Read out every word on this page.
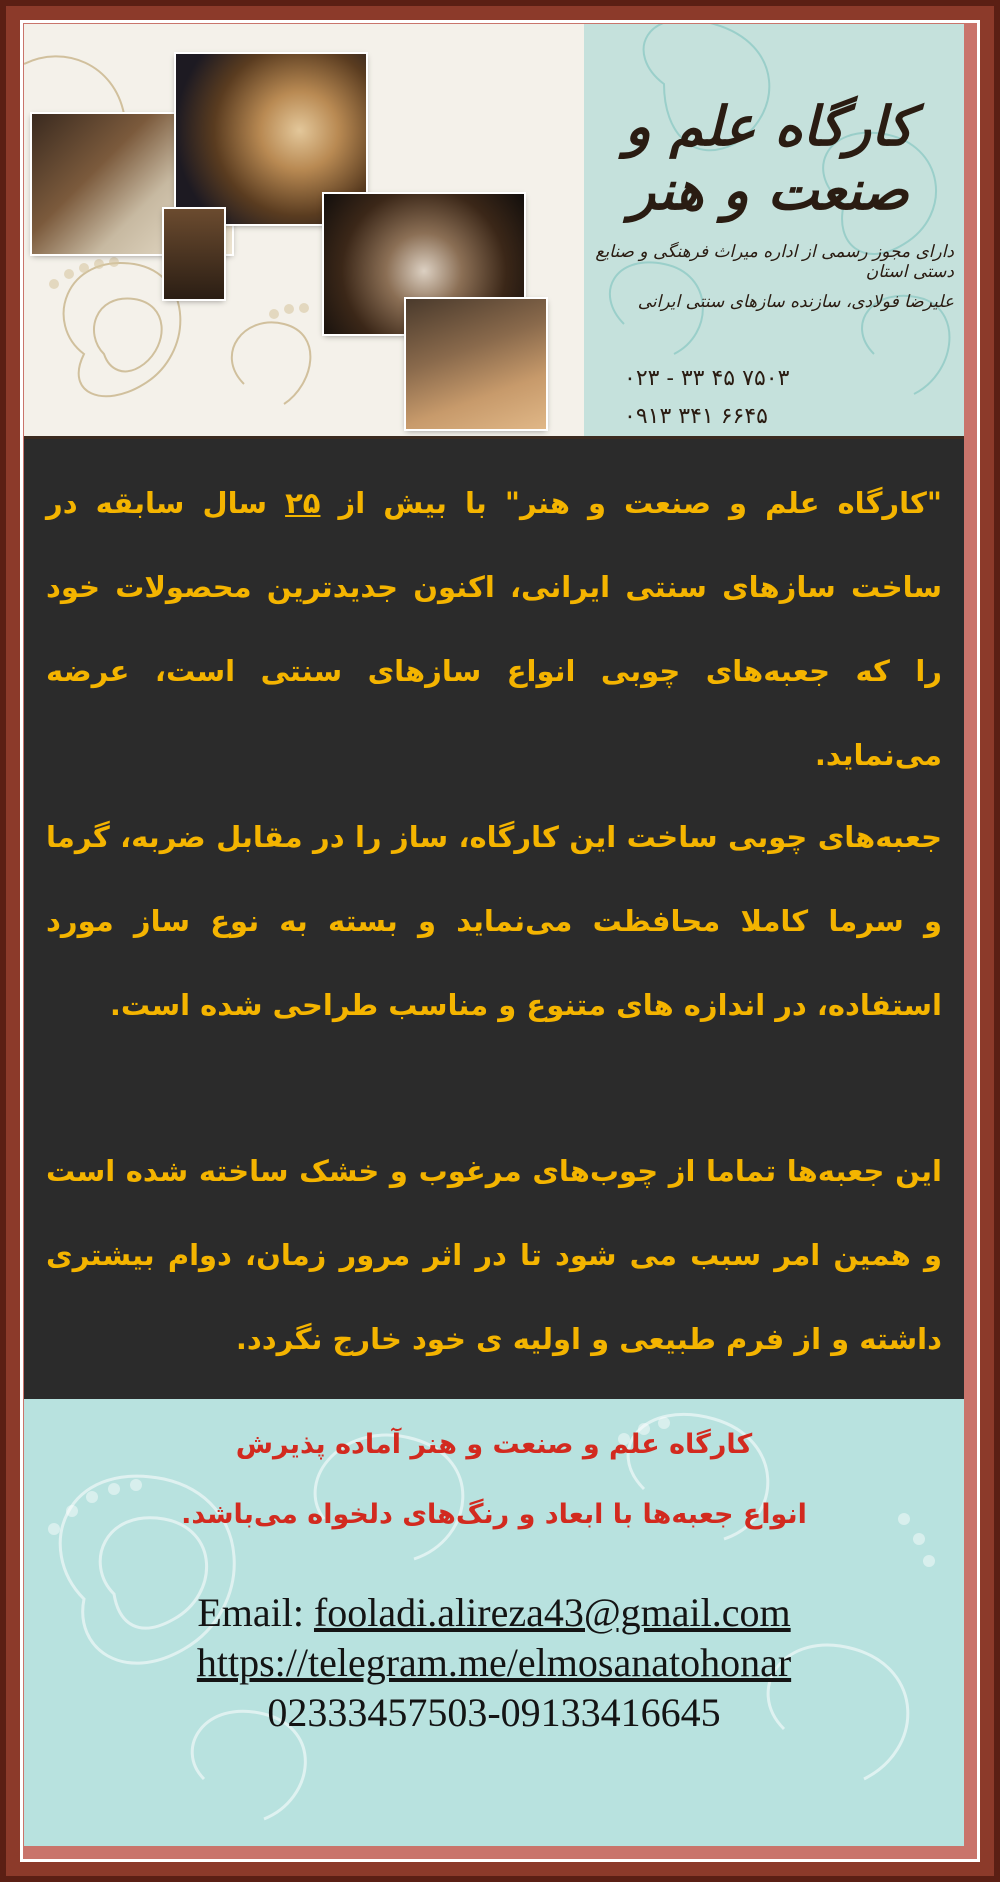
کارگاه علم و صنعت و هنر
دارای مجوز رسمی از اداره میراث فرهنگی و صنایع دستی استان
علیرضا فولادی، سازنده سازهای سنتی ایرانی
۰۲۳ - ۳۳ ۴۵ ۷۵۰۳
۰۹۱۳ ۳۴۱ ۶۶۴۵

"کارگاه علم و صنعت و هنر" با بیش از ۲۵ سال سابقه در ساخت سازهای سنتی ایرانی، اکنون جدیدترین محصولات خود را که جعبه‌های چوبی انواع سازهای سنتی است، عرضه می‌نماید.

جعبه‌های چوبی ساخت این کارگاه، ساز را در مقابل ضربه، گرما و سرما کاملا محافظت می‌نماید و بسته به نوع ساز مورد استفاده، در اندازه های متنوع و مناسب طراحی شده است.

این جعبه‌ها تماما از چوب‌های مرغوب و خشک ساخته شده است و همین امر سبب می شود تا در اثر مرور زمان، دوام بیشتری داشته و از فرم طبیعی و اولیه ی خود خارج نگردد.

کارگاه علم و صنعت و هنر آماده پذیرش
انواع جعبه‌ها با ابعاد و رنگ‌های دلخواه می‌باشد.
Email: fooladi.alireza43@gmail.com
https://telegram.me/elmosanatohonar
02333457503-09133416645
